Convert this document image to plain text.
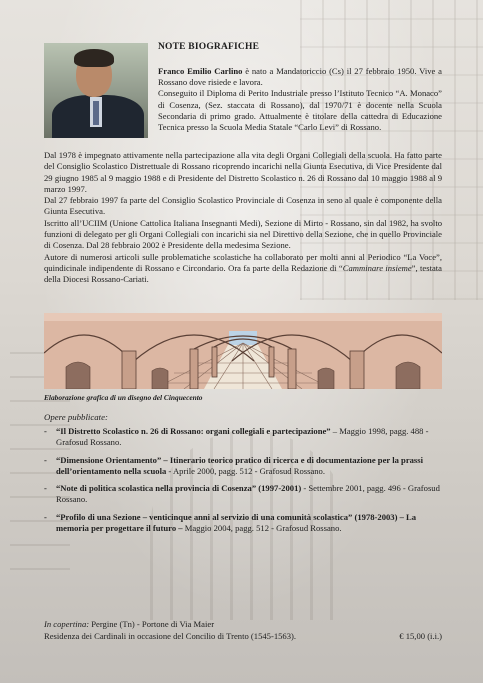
NOTE BIOGRAFICHE

Franco Emilio Carlino è nato a Mandatoriccio (Cs) il 27 febbraio 1950. Vive a Rossano dove risiede e lavora.

Conseguito il Diploma di Perito Industriale presso l’Istituto Tecnico “A. Monaco” di Cosenza, (Sez. staccata di Rossano), dal 1970/71 è docente nella Scuola Secondaria di primo grado. Attualmente è titolare della cattedra di Educazione Tecnica presso la Scuola Media Statale “Carlo Levi” di Rossano.

Dal 1978 è impegnato attivamente nella partecipazione alla vita degli Organi Collegiali della scuola. Ha fatto parte del Consiglio Scolastico Distrettuale di Rossano ricoprendo incarichi nella Giunta Esecutiva, di Vice Presidente dal 29 giugno 1985 al 9 maggio 1988 e di Presidente del Distretto Scolastico n. 26 di Rossano dal 10 maggio 1988 al 9 marzo 1997.

Dal 27 febbraio 1997 fa parte del Consiglio Scolastico Provinciale di Cosenza in seno al quale è componente della Giunta Esecutiva.

Iscritto all’UCIIM (Unione Cattolica Italiana Insegnanti Medi), Sezione di Mirto - Rossano, sin dal 1982, ha svolto funzioni di delegato per gli Organi Collegiali con incarichi sia nel Direttivo della Sezione, che in quello Provinciale di Cosenza. Dal 28 febbraio 2002 è Presidente della medesima Sezione.

Autore di numerosi articoli sulle problematiche scolastiche ha collaborato per molti anni al Periodico “La Voce”, quindicinale indipendente di Rossano e Circondario. Ora fa parte della Redazione di “Camminare insieme”, testata della Diocesi Rossano-Cariati.

Elaborazione grafica di un disegno del Cinquecento
Opere pubblicate:
- “Il Distretto Scolastico n. 26 di Rossano: organi collegiali e partecipazione” – Maggio 1998, pagg. 488 - Grafosud Rossano.
- “Dimensione Orientamento” – Itinerario teorico pratico di ricerca e di documentazione per la prassi dell’orientamento nella scuola - Aprile 2000, pagg. 512 - Grafosud Rossano.
- “Note di politica scolastica nella provincia di Cosenza” (1997-2001) - Settembre 2001, pagg. 496 - Grafosud Rossano.
- “Profilo di una Sezione – venticinque anni al servizio di una comunità scolastica” (1978-2003) – La memoria per progettare il futuro – Maggio 2004, pagg. 512 - Grafosud Rossano.
In copertina: Pergine (Tn) - Portone di Via Maier
Residenza dei Cardinali in occasione del Concilio di Trento (1545-1563).	€ 15,00 (i.i.)
